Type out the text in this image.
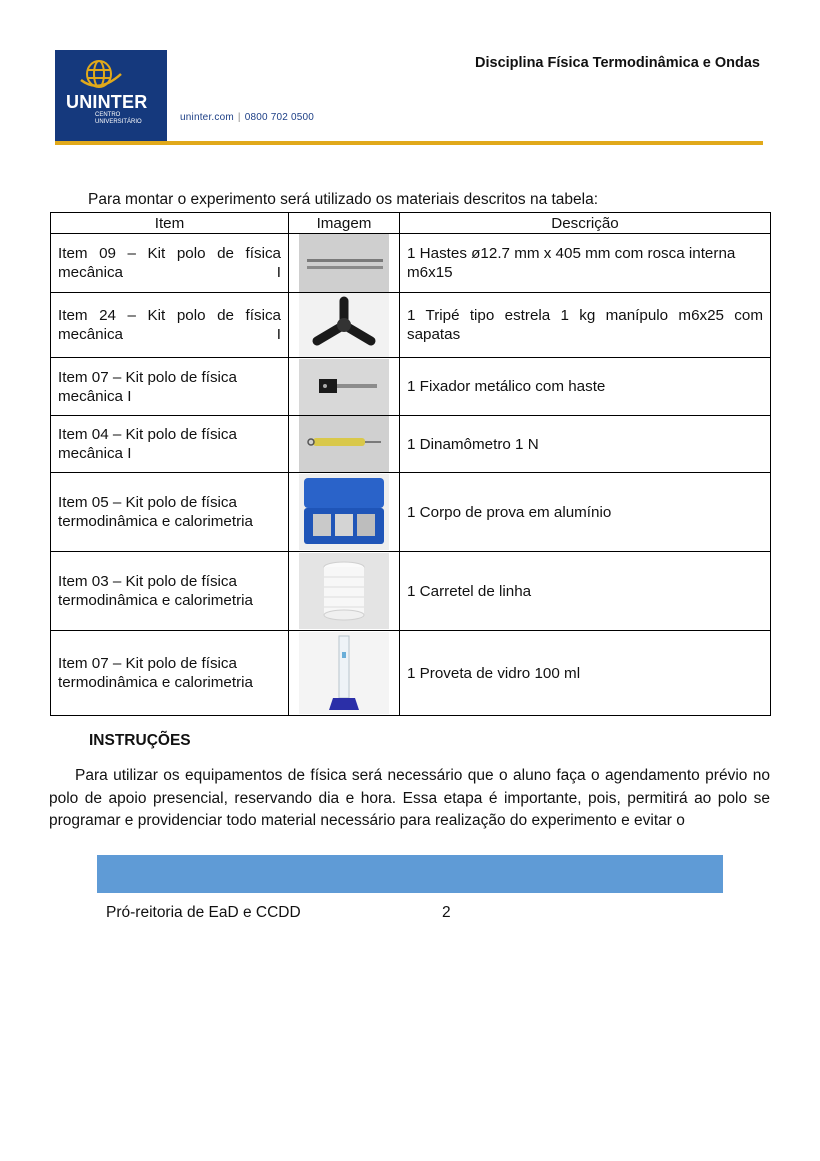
UNINTER
CENTRO
UNIVERSITÁRIO	uninter.com | 0800 702 0500
Disciplina Física Termodinâmica e Ondas
Para montar o experimento será utilizado os materiais descritos na tabela:
Item	Imagem	Descrição
Item 09 – Kit polo de física mecânica I		1 Hastes ø12.7 mm x 405 mm com rosca interna m6x15
Item 24 – Kit polo de física mecânica I		1 Tripé tipo estrela 1 kg manípulo m6x25 com sapatas
Item 07 – Kit polo de física mecânica I		1 Fixador metálico com haste
Item 04 – Kit polo de física mecânica I		1 Dinamômetro 1 N
Item 05 – Kit polo de física termodinâmica e calorimetria		1 Corpo de prova em alumínio
Item 03 – Kit polo de física termodinâmica e calorimetria		1 Carretel de linha
Item 07 – Kit polo de física termodinâmica e calorimetria		1 Proveta de vidro 100 ml
INSTRUÇÕES
Para utilizar os equipamentos de física será necessário que o aluno faça o agendamento prévio no polo de apoio presencial, reservando dia e hora. Essa etapa é importante, pois, permitirá ao polo se programar e providenciar todo material necessário para realização do experimento e evitar o
Pró-reitoria de EaD e CCDD	2
